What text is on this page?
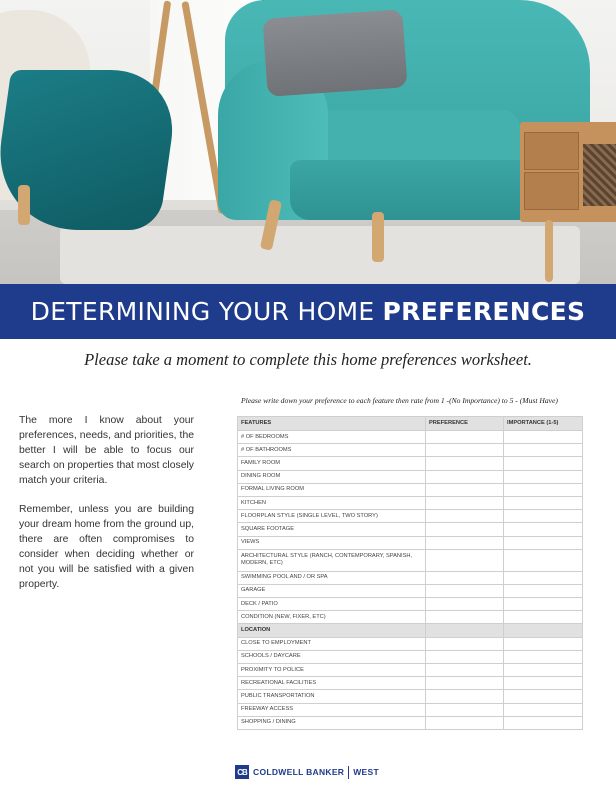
DETERMINING YOUR HOME PREFERENCES
Please take a moment to complete this home preferences worksheet.

The more I know about your preferences, needs, and priorities, the better I will be able to focus our search on properties that most closely match your criteria.

Remember, unless you are building your dream home from the ground up, there are often compromises to consider when deciding whether or not you will be satisfied with a given property.

Please write down your preference to each feature then rate from 1 -(No Importance) to 5 - (Must Have)
FEATURES	PREFERENCE	IMPORTANCE (1-5)
# OF BEDROOMS		
# OF BATHROOMS		
FAMILY ROOM		
DINING ROOM		
FORMAL LIVING ROOM		
KITCHEN		
FLOORPLAN STYLE (SINGLE LEVEL, TWO STORY)		
SQUARE FOOTAGE		
VIEWS		
ARCHITECTURAL STYLE (RANCH, CONTEMPORARY, SPANISH, MODERN, ETC)		
SWIMMING POOL AND / OR SPA		
GARAGE		
DECK / PATIO		
CONDITION (NEW, FIXER, ETC)		
LOCATION		
CLOSE TO EMPLOYMENT		
SCHOOLS / DAYCARE		
PROXIMITY TO POLICE		
RECREATIONAL FACILITIES		
PUBLIC TRANSPORTATION		
FREEWAY ACCESS		
SHOPPING / DINING		
CB COLDWELL BANKER WEST
